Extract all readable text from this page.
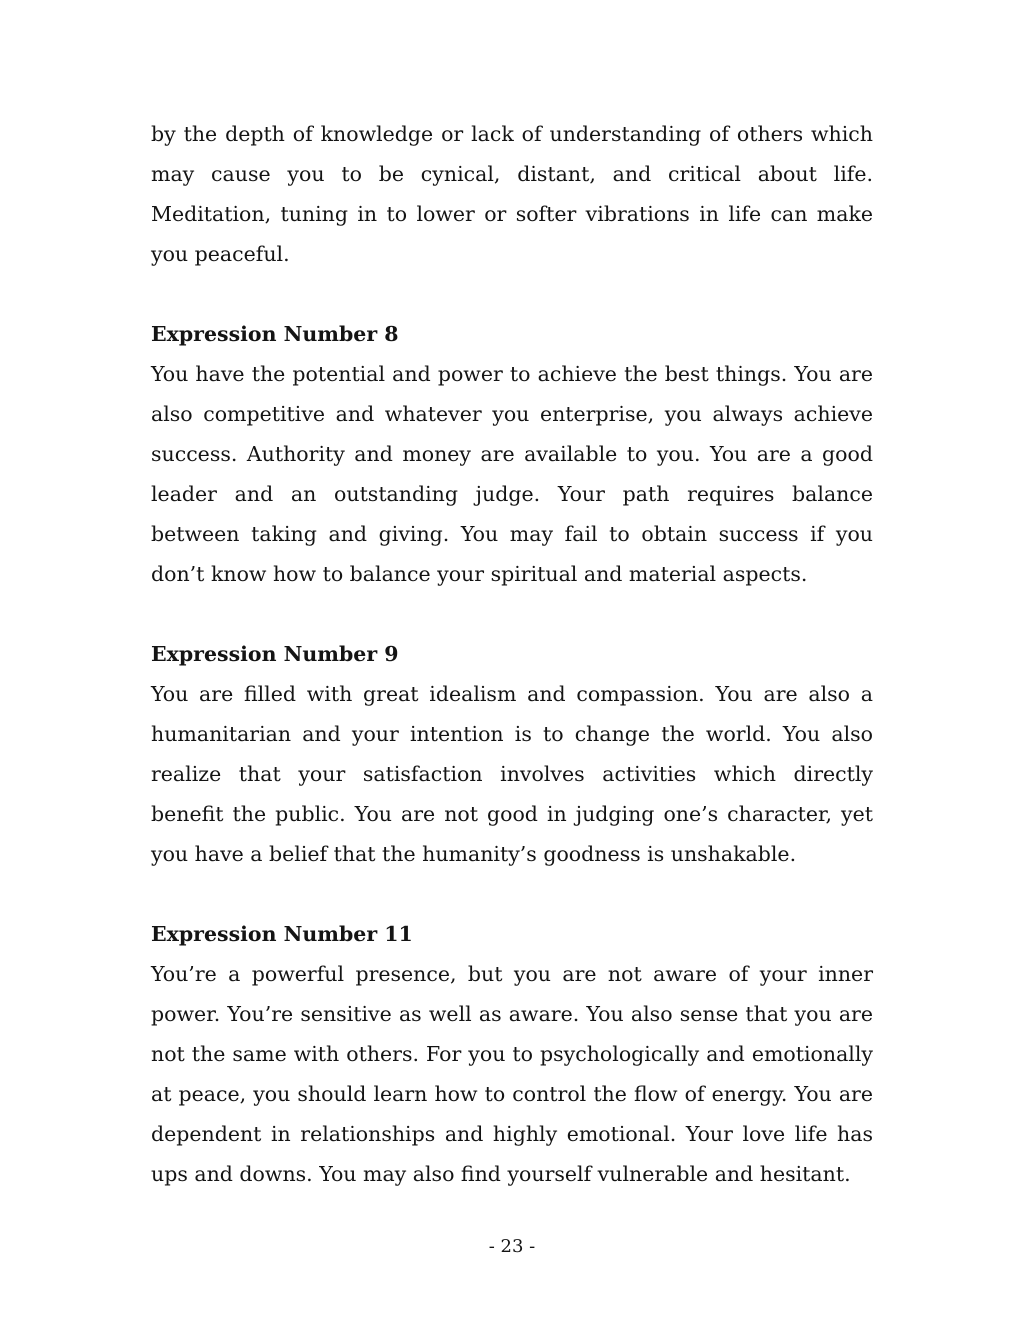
by the depth of knowledge or lack of understanding of others which may cause you to be cynical, distant, and critical about life. Meditation, tuning in to lower or softer vibrations in life can make you peaceful.

Expression Number 8

You have the potential and power to achieve the best things. You are also competitive and whatever you enterprise, you always achieve success. Authority and money are available to you. You are a good leader and an outstanding judge. Your path requires balance between taking and giving. You may fail to obtain success if you don’t know how to balance your spiritual and material aspects.

Expression Number 9

You are filled with great idealism and compassion. You are also a humanitarian and your intention is to change the world. You also realize that your satisfaction involves activities which directly benefit the public. You are not good in judging one’s character, yet you have a belief that the humanity’s goodness is unshakable.

Expression Number 11

You’re a powerful presence, but you are not aware of your inner power. You’re sensitive as well as aware. You also sense that you are not the same with others. For you to psychologically and emotionally at peace, you should learn how to control the flow of energy. You are dependent in relationships and highly emotional. Your love life has ups and downs. You may also find yourself vulnerable and hesitant.

- 23 -
